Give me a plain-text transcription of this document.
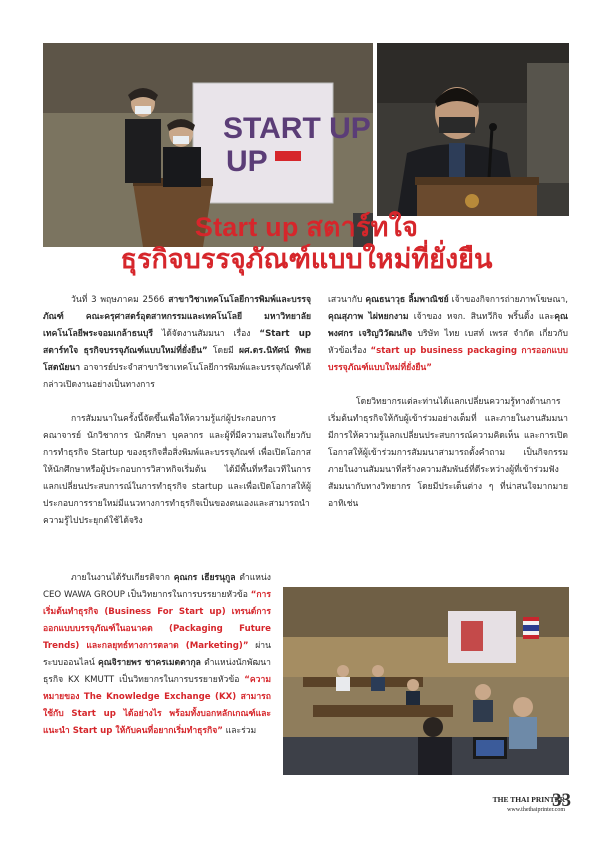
START UP
UP
Start up สตาร์ทใจ
ธุรกิจบรรจุภัณฑ์แบบใหม่ที่ยั่งยืน

วันที่ 3 พฤษภาคม 2566 สาขาวิชาเทคโนโลยีการพิมพ์และบรรจุภัณฑ์ คณะครุศาสตร์อุตสาหกรรมและเทคโนโลยี มหาวิทยาลัยเทคโนโลยีพระจอมเกล้าธนบุรี ได้จัดงานสัมมนา เรื่อง “Start up สตาร์ทใจ ธุรกิจบรรจุภัณฑ์แบบใหม่ที่ยั่งยืน” โดยมี ผศ.ดร.นิทัศน์ ทิพยโสตนัยนา อาจารย์ประจำสาขาวิชาเทคโนโลยีการพิมพ์และบรรจุภัณฑ์ได้กล่าวเปิดงานอย่างเป็นทางการ

การสัมมนาในครั้งนี้จัดขึ้นเพื่อให้ความรู้แก่ผู้ประกอบการ คณาจารย์ นักวิชาการ นักศึกษา บุคลากร และผู้ที่มีความสนใจเกี่ยวกับการทำธุรกิจ Startup ของธุรกิจสื่อสิ่งพิมพ์และบรรจุภัณฑ์ เพื่อเปิดโอกาสให้นักศึกษาหรือผู้ประกอบการวิสาหกิจเริ่มต้น ได้มีพื้นที่หรือเวทีในการแลกเปลี่ยนประสบการณ์ในการทำธุรกิจ startup และเพื่อเปิดโอกาสให้ผู้ประกอบการรายใหม่มีแนวทางการทำธุรกิจเป็นของตนเองและสามารถนำความรู้ไปประยุกต์ใช้ได้จริง

ภายในงานได้รับเกียรติจาก คุณกร เธียรนุกูล ตำแหน่ง CEO WAWA GROUP เป็นวิทยากรในการบรรยายหัวข้อ “การเริ่มต้นทำธุรกิจ (Business For Start up) เทรนด์การออกแบบบรรจุภัณฑ์ในอนาคต (Packaging Future Trends) และกลยุทธ์ทางการตลาด (Marketing)” ผ่านระบบออนไลน์ คุณจิรายพร ชาครเมตตากุล ตำแหน่งนักพัฒนาธุรกิจ KX KMUTT เป็นวิทยากรในการบรรยายหัวข้อ “ความหมายของ The Knowledge Exchange (KX) สามารถใช้กับ Start up ได้อย่างไร พร้อมทั้งบอกหลักเกณฑ์และแนะนำ Start up ให้กับคนที่อยากเริ่มทำธุรกิจ” และร่วม

เสวนากับ คุณธนาวุธ ลิ้มพาณิชย์ เจ้าของกิจการถ่ายภาพโฆษณา, คุณสุภาพ ไผ่หยกงาม เจ้าของ หจก. สินทวีกิจ พริ้นติ้ง และคุณพงศกร เจริญวิวัฒนกิจ บริษัท ไทย เบสท์ เพรส จำกัด เกี่ยวกับหัวข้อเรื่อง “start up business packaging การออกแบบบรรจุภัณฑ์แบบใหม่ที่ยั่งยืน”

โดยวิทยากรแต่ละท่านได้แลกเปลี่ยนความรู้ทางด้านการเริ่มต้นทำธุรกิจให้กับผู้เข้าร่วมอย่างเต็มที่ และภายในงานสัมมนา มีการให้ความรู้แลกเปลี่ยนประสบการณ์ความคิดเห็น และการเปิดโอกาสให้ผู้เข้าร่วมการสัมมนาสามารถตั้งคำถาม เป็นกิจกรรมภายในงานสัมมนาที่สร้างความสัมพันธ์ที่ดีระหว่างผู้ที่เข้าร่วมฟังสัมมนากับทางวิทยากร โดยมีประเด็นต่าง ๆ ที่น่าสนใจมากมาย อาทิเช่น

THE THAI PRINTER
www.thethaiprinter.com
33
